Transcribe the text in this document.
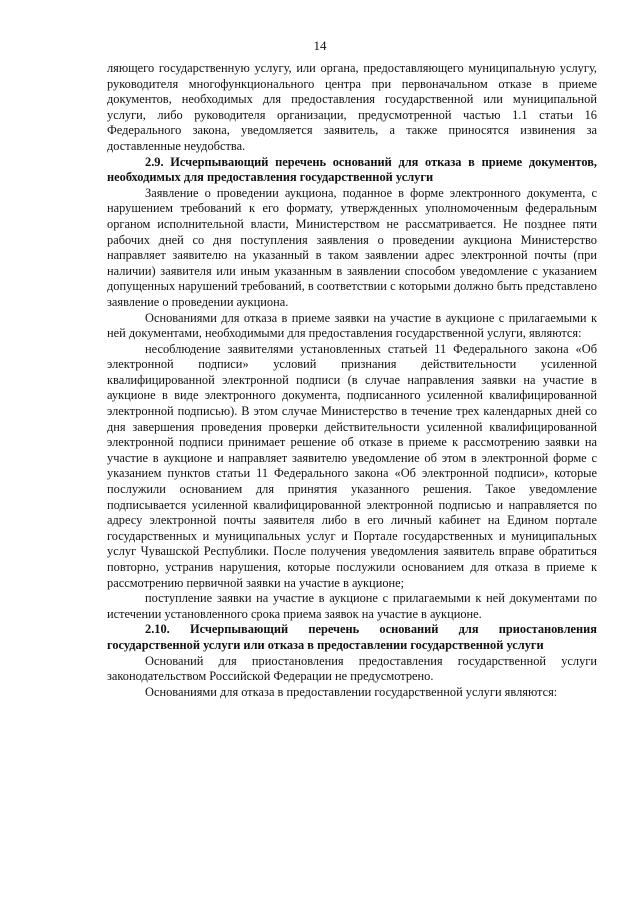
14

ляющего государственную услугу, или органа, предоставляющего муниципальную услугу, руководителя многофункционального центра при первоначальном отказе в приеме документов, необходимых для предоставления государственной или муниципальной услуги, либо руководителя организации, предусмотренной частью 1.1 статьи 16 Федерального закона, уведомляется заявитель, а также приносятся извинения за доставленные неудобства.

2.9. Исчерпывающий перечень оснований для отказа в приеме документов, необходимых для предоставления государственной услуги

Заявление о проведении аукциона, поданное в форме электронного документа, с нарушением требований к его формату, утвержденных уполномоченным федеральным органом исполнительной власти, Министерством не рассматривается. Не позднее пяти рабочих дней со дня поступления заявления о проведении аукциона Министерство направляет заявителю на указанный в таком заявлении адрес электронной почты (при наличии) заявителя или иным указанным в заявлении способом уведомление с указанием допущенных нарушений требований, в соответствии с которыми должно быть представлено заявление о проведении аукциона.

Основаниями для отказа в приеме заявки на участие в аукционе с прилагаемыми к ней документами, необходимыми для предоставления государственной услуги, являются:

несоблюдение заявителями установленных статьей 11 Федерального закона «Об электронной подписи» условий признания действительности усиленной квалифицированной электронной подписи (в случае направления заявки на участие в аукционе в виде электронного документа, подписанного усиленной квалифицированной электронной подписью). В этом случае Министерство в течение трех календарных дней со дня завершения проведения проверки действительности усиленной квалифицированной электронной подписи принимает решение об отказе в приеме к рассмотрению заявки на участие в аукционе и направляет заявителю уведомление об этом в электронной форме с указанием пунктов статьи 11 Федерального закона «Об электронной подписи», которые послужили основанием для принятия указанного решения. Такое уведомление подписывается усиленной квалифицированной электронной подписью и направляется по адресу электронной почты заявителя либо в его личный кабинет на Едином портале государственных и муниципальных услуг и Портале государственных и муниципальных услуг Чувашской Республики. После получения уведомления заявитель вправе обратиться повторно, устранив нарушения, которые послужили основанием для отказа в приеме к рассмотрению первичной заявки на участие в аукционе;

поступление заявки на участие в аукционе с прилагаемыми к ней документами по истечении установленного срока приема заявок на участие в аукционе.

2.10. Исчерпывающий перечень оснований для приостановления государственной услуги или отказа в предоставлении государственной услуги

Оснований для приостановления предоставления государственной услуги законодательством Российской Федерации не предусмотрено.

Основаниями для отказа в предоставлении государственной услуги являются:
